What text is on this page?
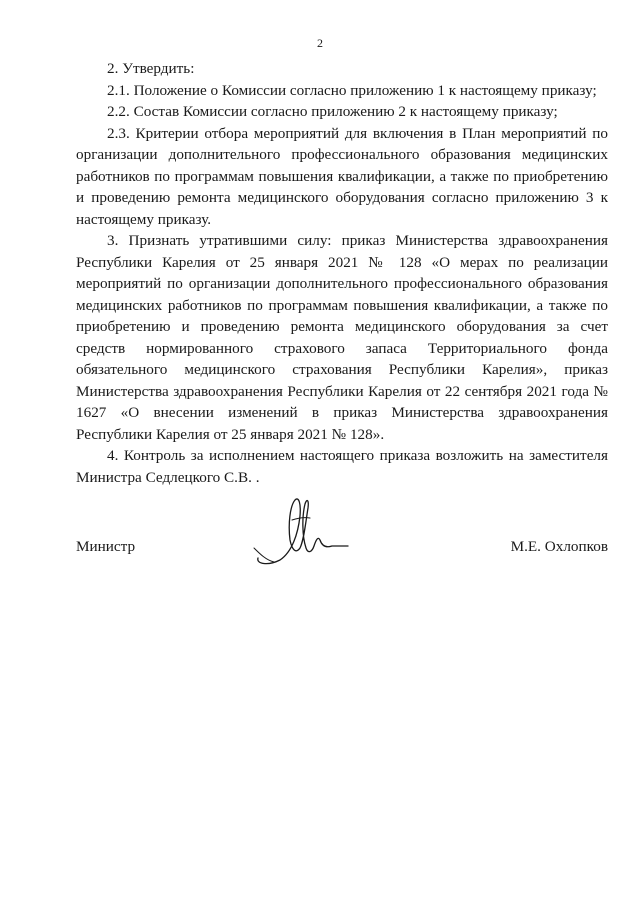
2

2. Утвердить:

2.1. Положение о Комиссии согласно приложению 1 к настоящему приказу;

2.2. Состав Комиссии согласно приложению 2 к настоящему приказу;

2.3. Критерии отбора мероприятий для включения в План мероприятий по организации дополнительного профессионального образования медицинских работников по программам повышения квалификации, а также по приобретению и проведению ремонта медицинского оборудования согласно приложению 3 к настоящему приказу.

3. Признать утратившими силу: приказ Министерства здравоохранения Республики Карелия от 25 января 2021 № 128 «О мерах по реализации мероприятий по организации дополнительного профессионального образования медицинских работников по программам повышения квалификации, а также по приобретению и проведению ремонта медицинского оборудования за счет средств нормированного страхового запаса Территориального фонда обязательного медицинского страхования Республики Карелия», приказ Министерства здравоохранения Республики Карелия от 22 сентября 2021 года № 1627 «О внесении изменений в приказ Министерства здравоохранения Республики Карелия от 25 января 2021 № 128».

4. Контроль за исполнением настоящего приказа возложить на заместителя Министра Седлецкого С.В. .

Министр	М.Е. Охлопков
